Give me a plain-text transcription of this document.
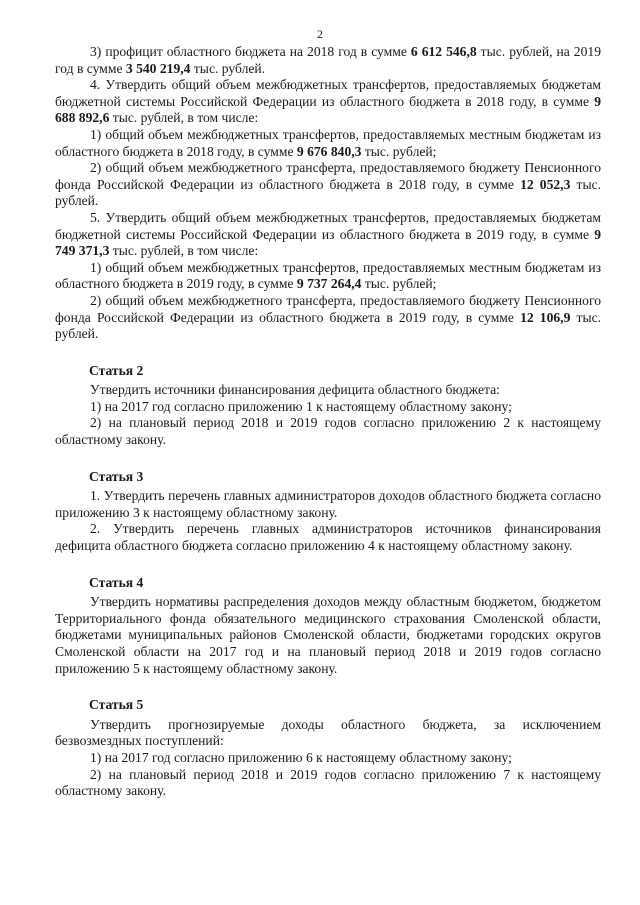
2

3) профицит областного бюджета на 2018 год в сумме 6 612 546,8 тыс. рублей, на 2019 год в сумме 3 540 219,4 тыс. рублей.

4. Утвердить общий объем межбюджетных трансфертов, предоставляемых бюджетам бюджетной системы Российской Федерации из областного бюджета в 2018 году, в сумме 9 688 892,6 тыс. рублей, в том числе:

1) общий объем межбюджетных трансфертов, предоставляемых местным бюджетам из областного бюджета в 2018 году, в сумме 9 676 840,3 тыс. рублей;

2) общий объем межбюджетного трансферта, предоставляемого бюджету Пенсионного фонда Российской Федерации из областного бюджета в 2018 году, в сумме 12 052,3 тыс. рублей.

5. Утвердить общий объем межбюджетных трансфертов, предоставляемых бюджетам бюджетной системы Российской Федерации из областного бюджета в 2019 году, в сумме 9 749 371,3 тыс. рублей, в том числе:

1) общий объем межбюджетных трансфертов, предоставляемых местным бюджетам из областного бюджета в 2019 году, в сумме 9 737 264,4 тыс. рублей;

2) общий объем межбюджетного трансферта, предоставляемого бюджету Пенсионного фонда Российской Федерации из областного бюджета в 2019 году, в сумме 12 106,9 тыс. рублей.

Статья 2

Утвердить источники финансирования дефицита областного бюджета:

1) на 2017 год согласно приложению 1 к настоящему областному закону;

2) на плановый период 2018 и 2019 годов согласно приложению 2 к настоящему областному закону.

Статья 3

1. Утвердить перечень главных администраторов доходов областного бюджета согласно приложению 3 к настоящему областному закону.

2. Утвердить перечень главных администраторов источников финансирования дефицита областного бюджета согласно приложению 4 к настоящему областному закону.

Статья 4

Утвердить нормативы распределения доходов между областным бюджетом, бюджетом Территориального фонда обязательного медицинского страхования Смоленской области, бюджетами муниципальных районов Смоленской области, бюджетами городских округов Смоленской области на 2017 год и на плановый период 2018 и 2019 годов согласно приложению 5 к настоящему областному закону.

Статья 5

Утвердить прогнозируемые доходы областного бюджета, за исключением безвозмездных поступлений:

1) на 2017 год согласно приложению 6 к настоящему областному закону;

2) на плановый период 2018 и 2019 годов согласно приложению 7 к настоящему областному закону.
